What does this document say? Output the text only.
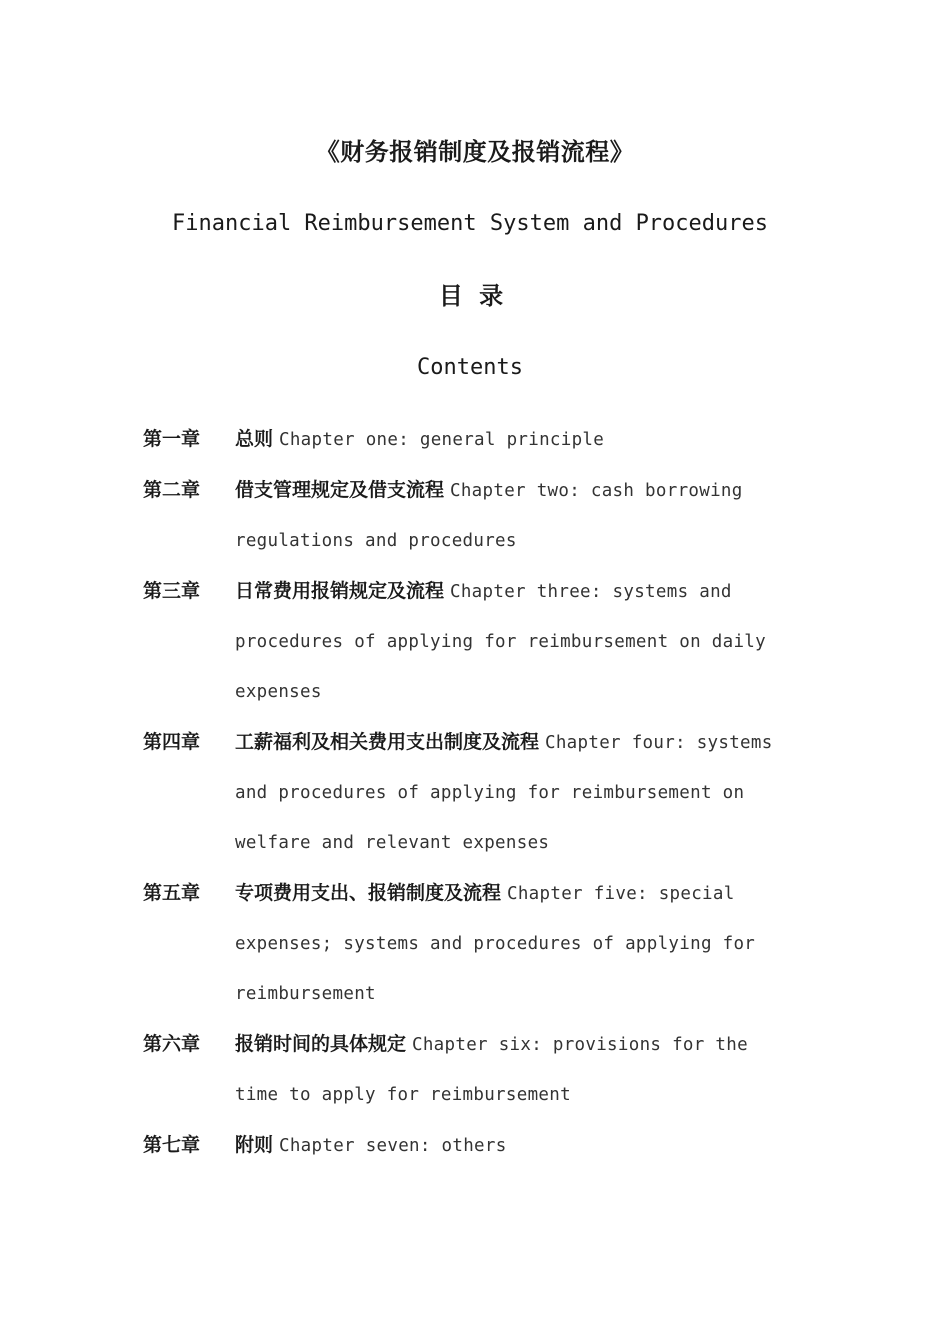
《财务报销制度及报销流程》
Financial Reimbursement System and Procedures
目 录
Contents
第一章	总则 Chapter one: general principle
第二章	借支管理规定及借支流程 Chapter two: cash borrowing regulations and procedures
第三章	日常费用报销规定及流程 Chapter three: systems and procedures of applying for reimbursement on daily expenses
第四章	工薪福利及相关费用支出制度及流程 Chapter four: systems and procedures of applying for reimbursement on welfare and relevant expenses
第五章	专项费用支出、报销制度及流程 Chapter five: special expenses; systems and procedures of applying for reimbursement
第六章	报销时间的具体规定 Chapter six: provisions for the time to apply for reimbursement
第七章	附则 Chapter seven: others
